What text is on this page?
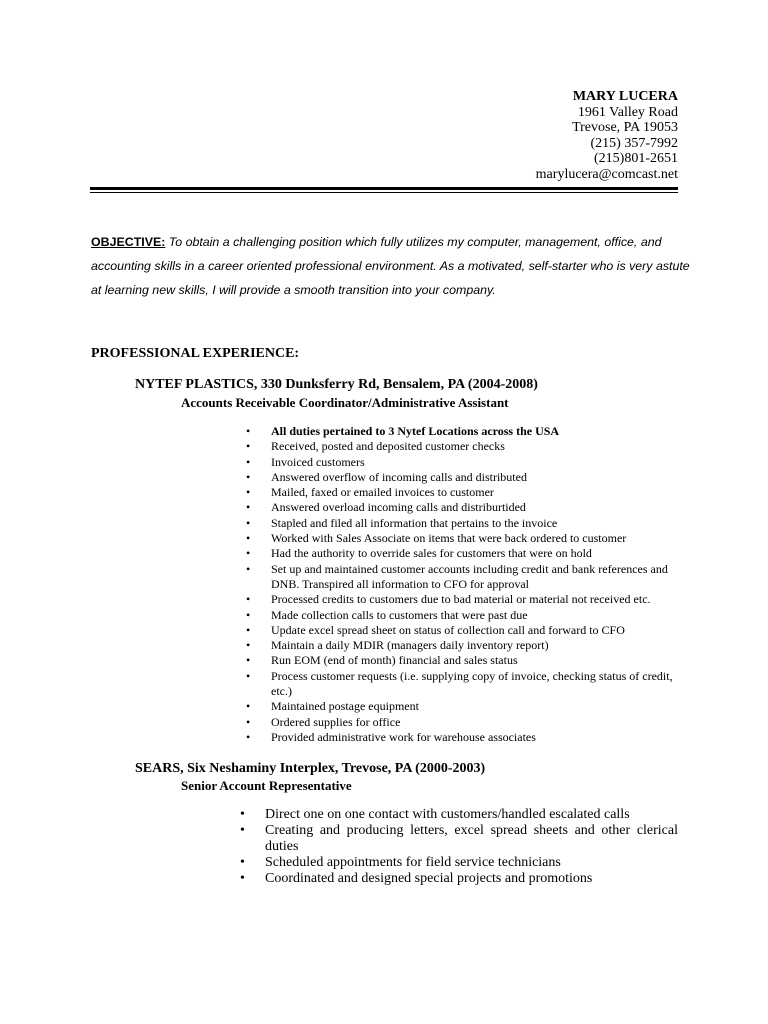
MARY LUCERA
1961 Valley Road
Trevose, PA 19053
(215) 357-7992
(215)801-2651
marylucera@comcast.net
OBJECTIVE: To obtain a challenging position which fully utilizes my computer, management, office, and accounting skills in a career oriented professional environment. As a motivated, self-starter who is very astute at learning new skills, I will provide a smooth transition into your company.
PROFESSIONAL EXPERIENCE:
NYTEF PLASTICS, 330 Dunksferry Rd, Bensalem, PA (2004-2008)
Accounts Receivable Coordinator/Administrative Assistant
•	All duties pertained to 3 Nytef Locations across the USA
•	Received, posted and deposited customer checks
•	Invoiced customers
•	Answered overflow of incoming calls and distributed
•	Mailed, faxed or emailed invoices to customer
•	Answered overload incoming calls and distriburtided
•	Stapled and filed all information that pertains to the invoice
•	Worked with Sales Associate on items that were back ordered to customer
•	Had the authority to override sales for customers that were on hold
•	Set up and maintained customer accounts including credit and bank references and DNB. Transpired all information to CFO for approval
•	Processed credits to customers due to bad material or material not received etc.
•	Made collection calls to customers that were past due
•	Update excel spread sheet on status of collection call and forward to CFO
•	Maintain a daily MDIR (managers daily inventory report)
•	Run EOM (end of month) financial and sales status
•	Process customer requests (i.e. supplying copy of invoice, checking status of credit, etc.)
•	Maintained postage equipment
•	Ordered supplies for office
•	Provided administrative work for warehouse associates
SEARS, Six Neshaminy Interplex, Trevose, PA (2000-2003)
Senior Account Representative
•	Direct one on one contact with customers/handled escalated calls
•	Creating and producing letters, excel spread sheets and other clerical duties
•	Scheduled appointments for field service technicians
•	Coordinated and designed special projects and promotions
